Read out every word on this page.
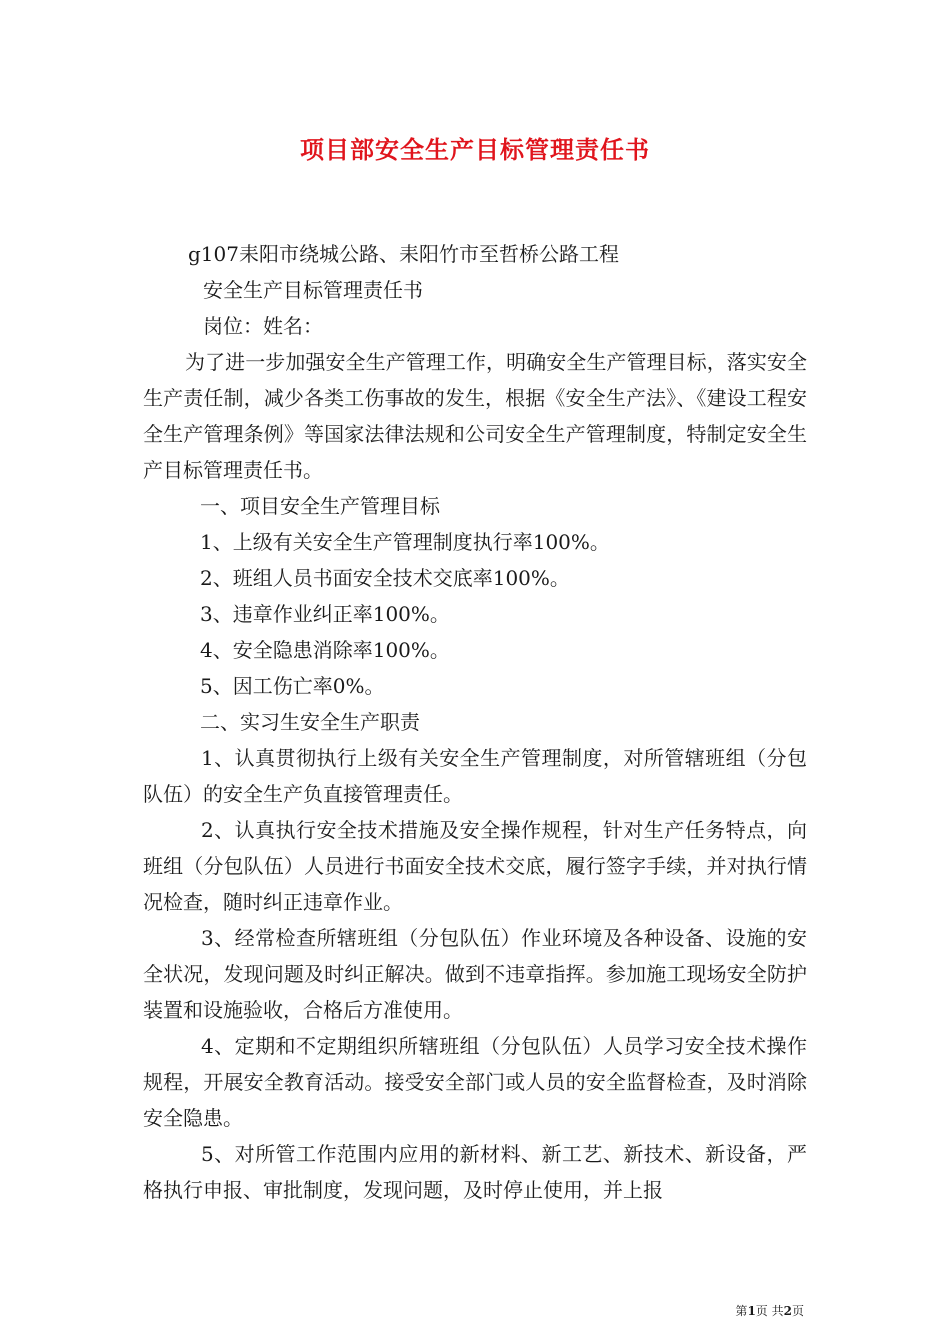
项目部安全生产目标管理责任书

g107耒阳市绕城公路、耒阳竹市至哲桥公路工程

安全生产目标管理责任书

岗位：姓名：

为了进一步加强安全生产管理工作，明确安全生产管理目标，落实安全生产责任制，减少各类工伤事故的发生，根据《安全生产法》、《建设工程安全生产管理条例》等国家法律法规和公司安全生产管理制度，特制定安全生产目标管理责任书。

一、项目安全生产管理目标

1、上级有关安全生产管理制度执行率100%。

2、班组人员书面安全技术交底率100%。

3、违章作业纠正率100%。

4、安全隐患消除率100%。

5、因工伤亡率0%。

二、实习生安全生产职责

1、认真贯彻执行上级有关安全生产管理制度，对所管辖班组（分包队伍）的安全生产负直接管理责任。

2、认真执行安全技术措施及安全操作规程，针对生产任务特点，向班组（分包队伍）人员进行书面安全技术交底，履行签字手续，并对执行情况检查，随时纠正违章作业。

3、经常检查所辖班组（分包队伍）作业环境及各种设备、设施的安全状况，发现问题及时纠正解决。做到不违章指挥。参加施工现场安全防护装置和设施验收，合格后方准使用。

4、定期和不定期组织所辖班组（分包队伍）人员学习安全技术操作规程，开展安全教育活动。接受安全部门或人员的安全监督检查，及时消除安全隐患。

5、对所管工作范围内应用的新材料、新工艺、新技术、新设备，严格执行申报、审批制度，发现问题，及时停止使用，并上报

第1页 共2页
